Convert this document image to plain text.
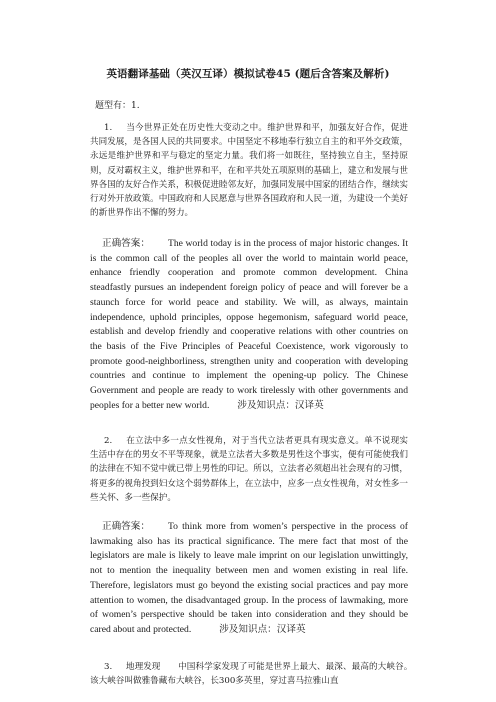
英语翻译基础（英汉互译）模拟试卷45 (题后含答案及解析)
题型有：1.
1. 当今世界正处在历史性大变动之中。维护世界和平，加强友好合作，促进共同发展，是各国人民的共同要求。中国坚定不移地奉行独立自主的和平外交政策，永远是维护世界和平与稳定的坚定力量。我们将一如既往，坚持独立自主，坚持原则，反对霸权主义，维护世界和平，在和平共处五项原则的基础上，建立和发展与世界各国的友好合作关系，积极促进睦邻友好，加强同发展中国家的团结合作，继续实行对外开放政策。中国政府和人民愿意与世界各国政府和人民一道，为建设一个美好的新世界作出不懈的努力。
正确答案： The world today is in the process of major historic changes. It is the common call of the peoples all over the world to maintain world peace, enhance friendly cooperation and promote common development. China steadfastly pursues an independent foreign policy of peace and will forever be a staunch force for world peace and stability. We will, as always, maintain independence, uphold principles, oppose hegemonism, safeguard world peace, establish and develop friendly and cooperative relations with other countries on the basis of the Five Principles of Peaceful Coexistence, work vigorously to promote good-neighborliness, strengthen unity and cooperation with developing countries and continue to implement the opening-up policy. The Chinese Government and people are ready to work tirelessly with other governments and peoples for a better new world.	涉及知识点：汉译英
2. 在立法中多一点女性视角，对于当代立法者更具有现实意义。单不说现实生活中存在的男女不平等现象，就是立法者大多数是男性这个事实，便有可能使我们的法律在不知不觉中就已带上男性的印记。所以，立法者必须超出社会现有的习惯，将更多的视角投到妇女这个弱势群体上，在立法中，应多一点女性视角，对女性多一些关怀、多一些保护。
正确答案： To think more from women’s perspective in the process of lawmaking also has its practical significance. The mere fact that most of the legislators are male is likely to leave male imprint on our legislation unwittingly, not to mention the inequality between men and women existing in real life. Therefore, legislators must go beyond the existing social practices and pay more attention to women, the disadvantaged group. In the process of lawmaking, more of women’s perspective should be taken into consideration and they should be cared about and protected.	涉及知识点：汉译英
3. 地理发现 中国科学家发现了可能是世界上最大、最深、最高的大峡谷。　该大峡谷叫做雅鲁藏布大峡谷，长300多英里，穿过喜马拉雅山直
